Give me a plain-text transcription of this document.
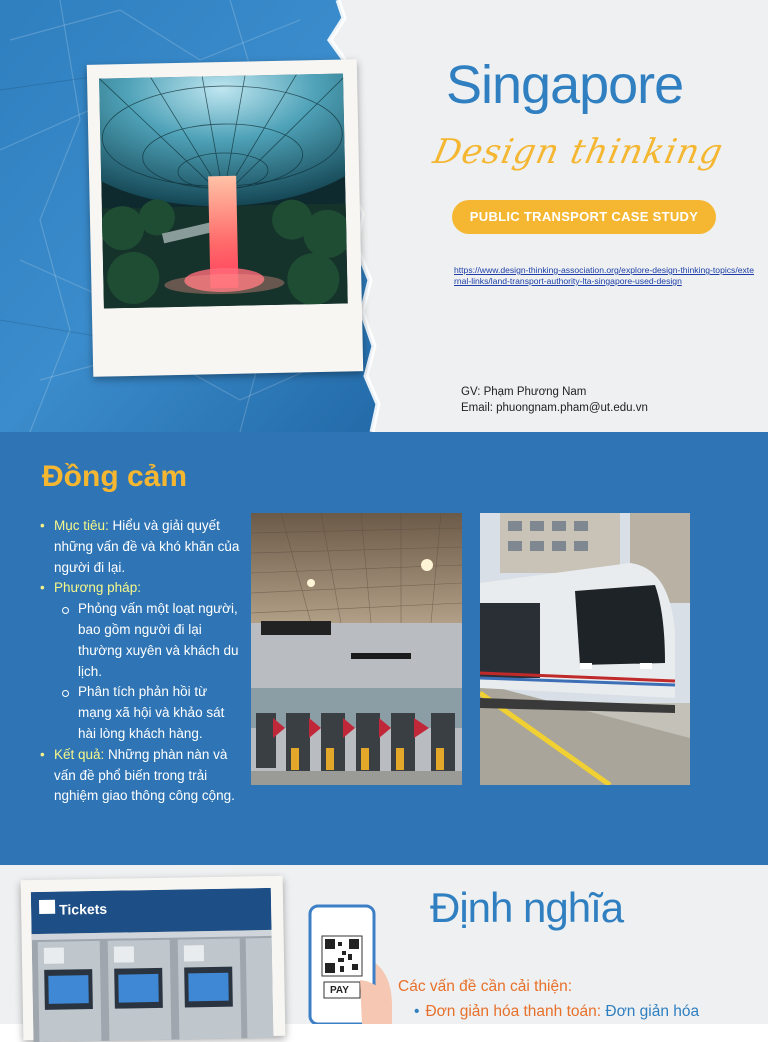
Singapore
Design thinking
PUBLIC TRANSPORT CASE STUDY
https://www.design-thinking-association.org/explore-design-thinking-topics/external-links/land-transport-authority-lta-singapore-used-design
GV: Phạm Phương Nam
Email: phuongnam.pham@ut.edu.vn
Đồng cảm
• Mục tiêu: Hiểu và giải quyết những vấn đề và khó khăn của người đi lại.
• Phương pháp:
Phỏng vấn một loạt người, bao gồm người đi lại thường xuyên và khách du lịch.
Phân tích phản hồi từ mạng xã hội và khảo sát hài lòng khách hàng.
• Kết quả: Những phàn nàn và vấn đề phổ biến trong trải nghiệm giao thông công cộng.
Tickets
PAY
Định nghĩa
Các vấn đề cần cải thiện:
• Đơn giản hóa thanh toán: Đơn giản hóa
